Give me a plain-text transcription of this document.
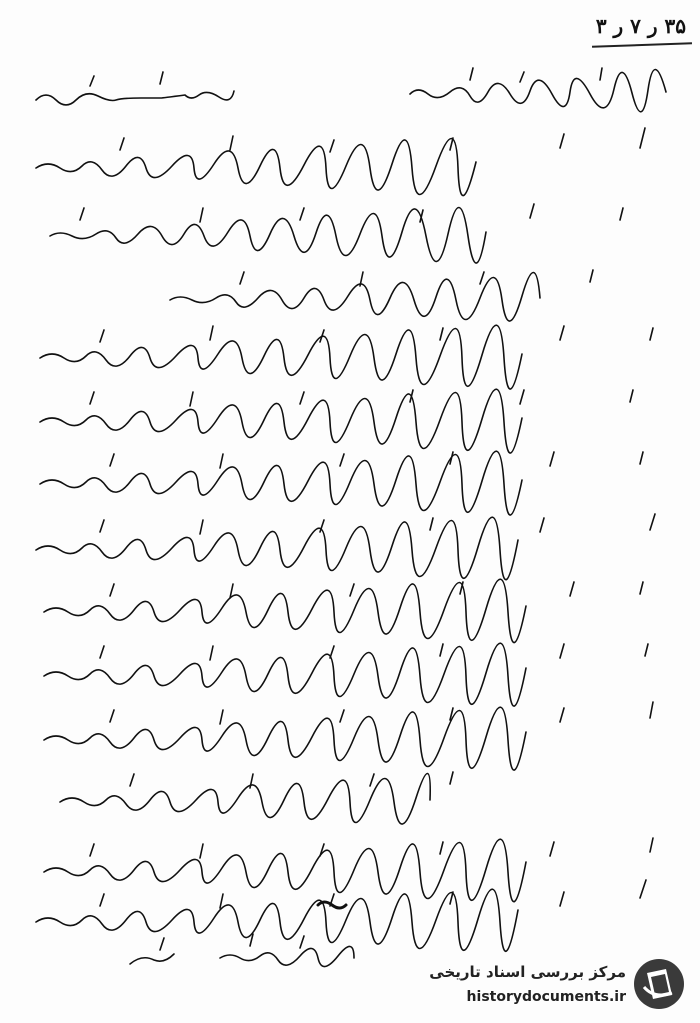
۳۵ ر ۷ ر ۳
مرکز بررسی اسناد تاریخی
historydocuments.ir
